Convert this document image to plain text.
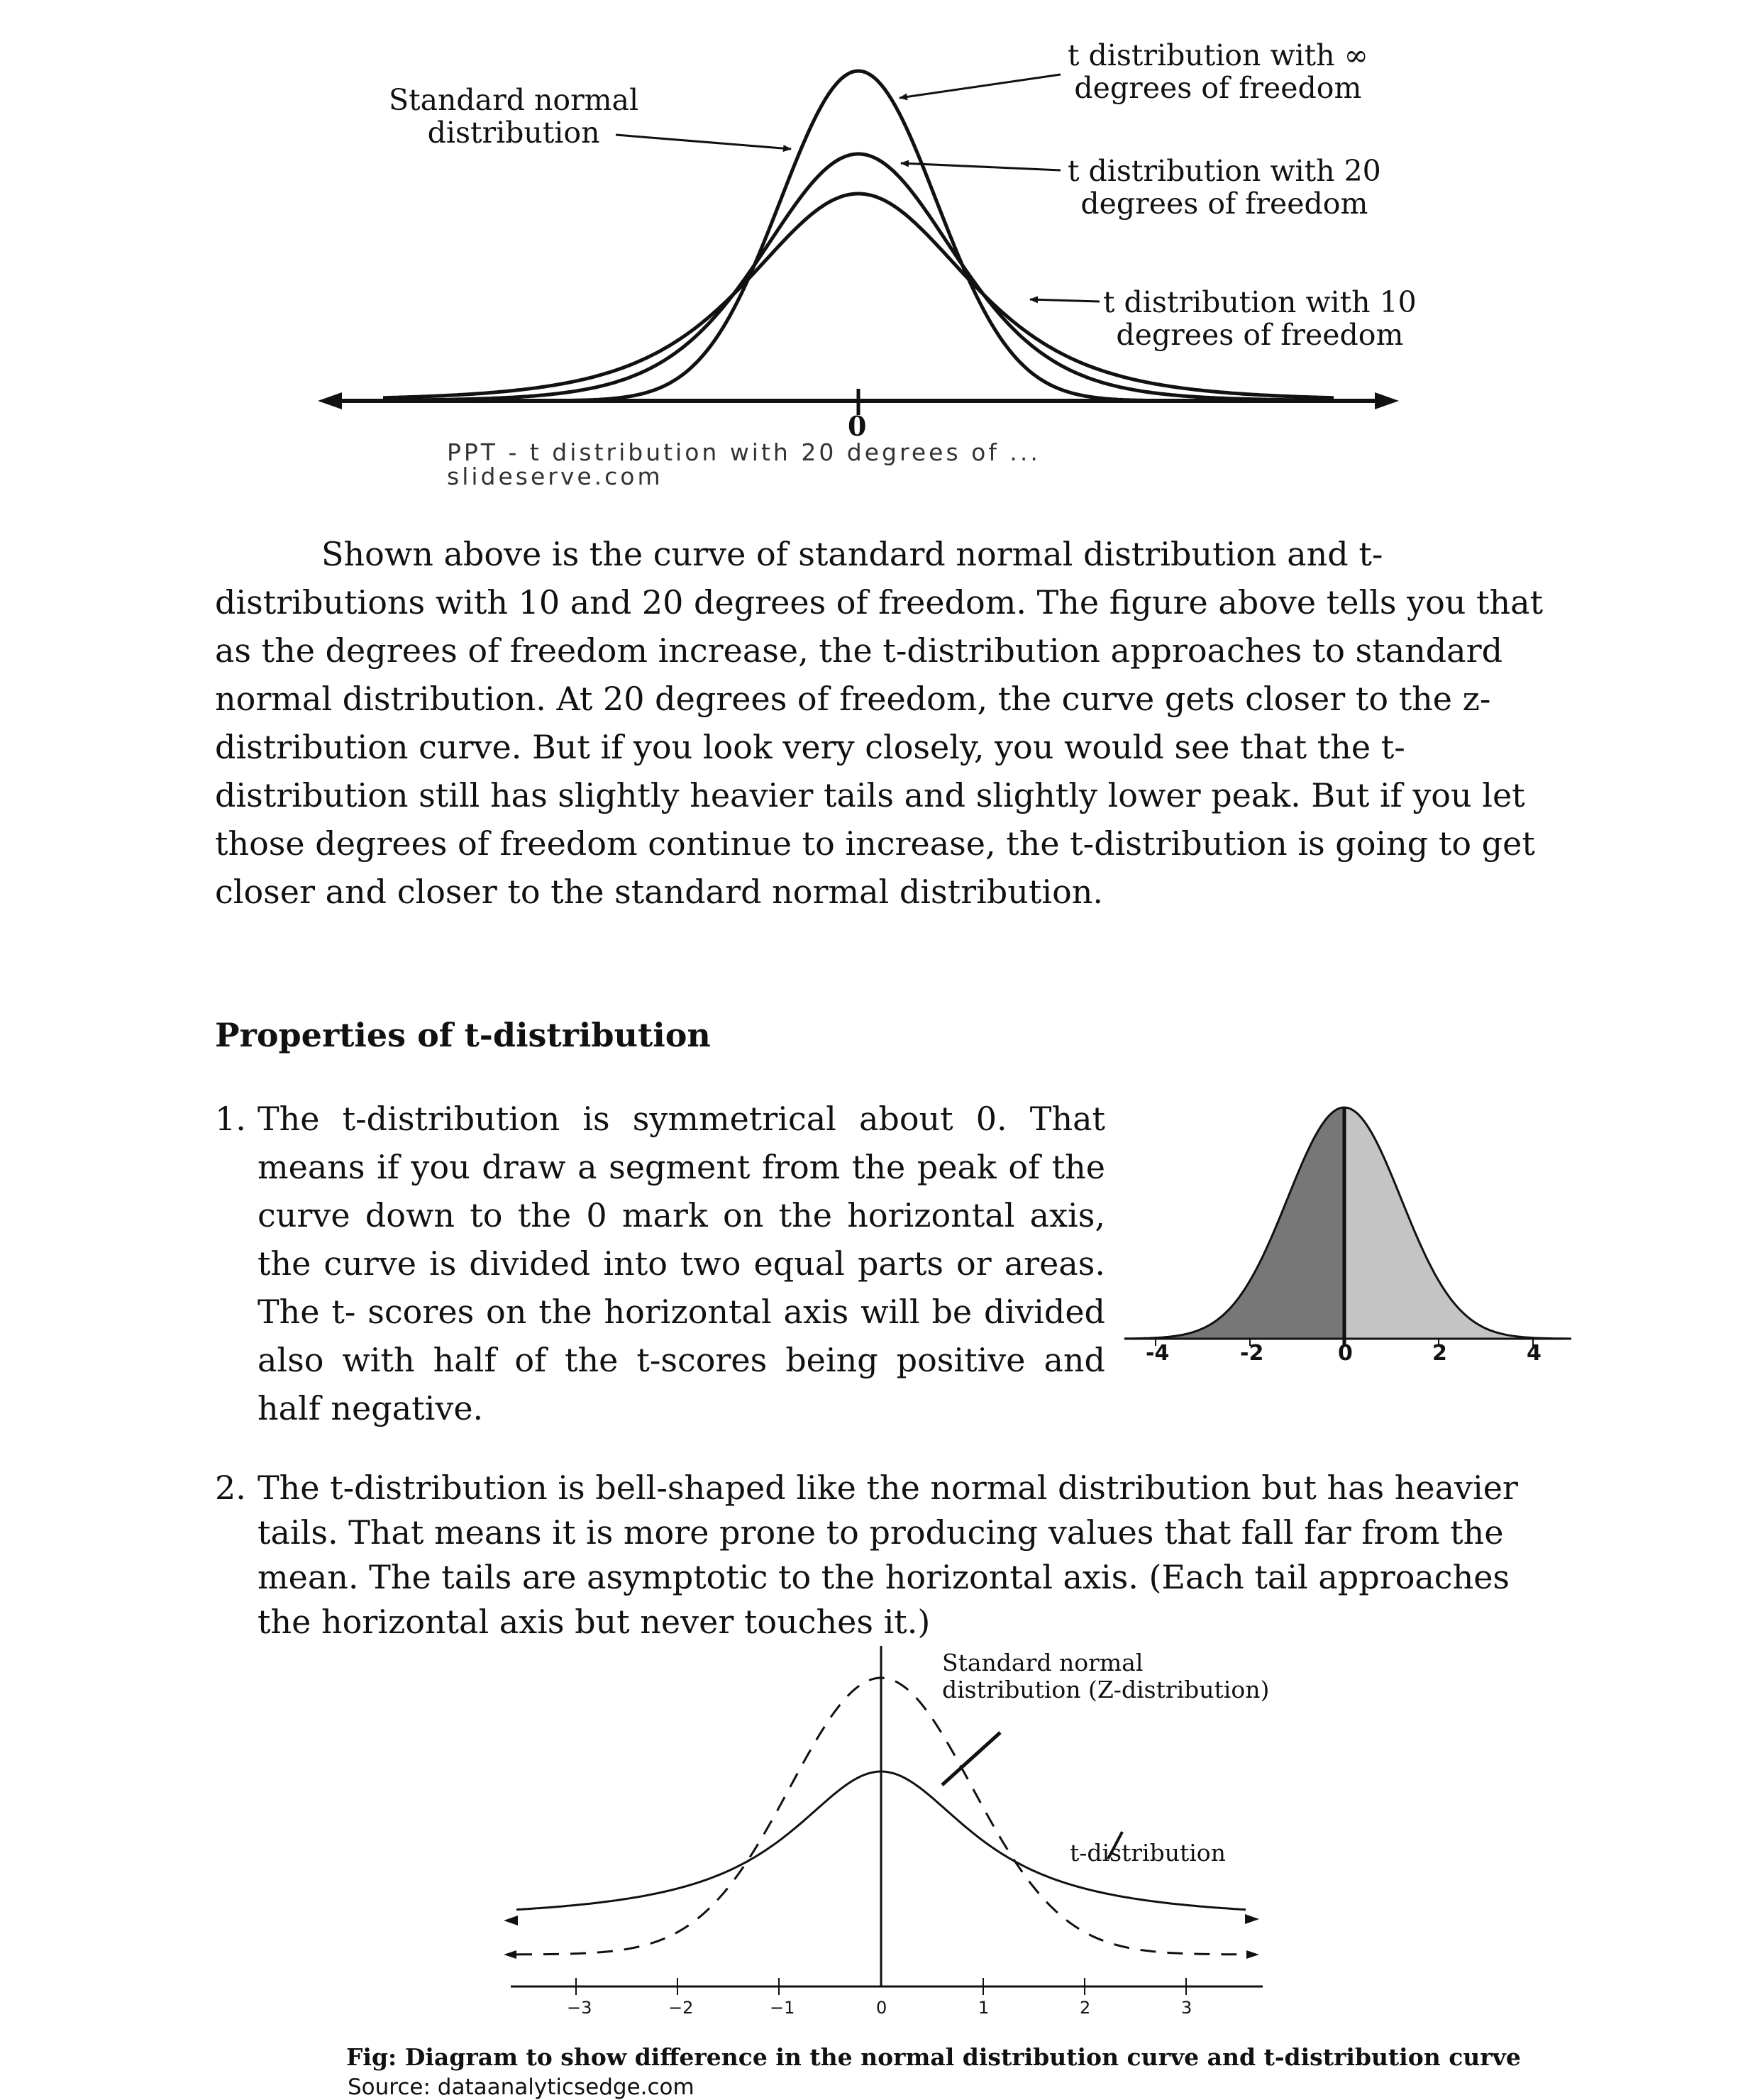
Standard normal
distribution
t distribution with ∞
degrees of freedom
t distribution with 20
degrees of freedom
t distribution with 10
degrees of freedom
0
PPT - t distribution with 20 degrees of ...
slideserve.com

Shown above is the curve of standard normal distribution and t-distributions with 10 and 20 degrees of freedom. The figure above tells you that as the degrees of freedom increase, the t-distribution approaches to standard normal distribution. At 20 degrees of freedom, the curve gets closer to the z-distribution curve. But if you look very closely, you would see that the t-distribution still has slightly heavier tails and slightly lower peak. But if you let those degrees of freedom continue to increase, the t-distribution is going to get closer and closer to the standard normal distribution.

Properties of t-distribution
1. The t-distribution is symmetrical about 0. That means if you draw a segment from the peak of the curve down to the 0 mark on the horizontal axis, the curve is divided into two equal parts or areas. The t- scores on the horizontal axis will be divided also with half of the t-scores being positive and half negative.
-4	-2	0	2	4
2. The t-distribution is bell-shaped like the normal distribution but has heavier tails. That means it is more prone to producing values that fall far from the mean. The tails are asymptotic to the horizontal axis. (Each tail approaches the horizontal axis but never touches it.)
Standard normal
distribution (Z-distribution)
t-distribution
−3	−2	−1	0	1	2	3
Fig: Diagram to show difference in the normal distribution curve and t-distribution curve
Source: dataanalyticsedge.com
